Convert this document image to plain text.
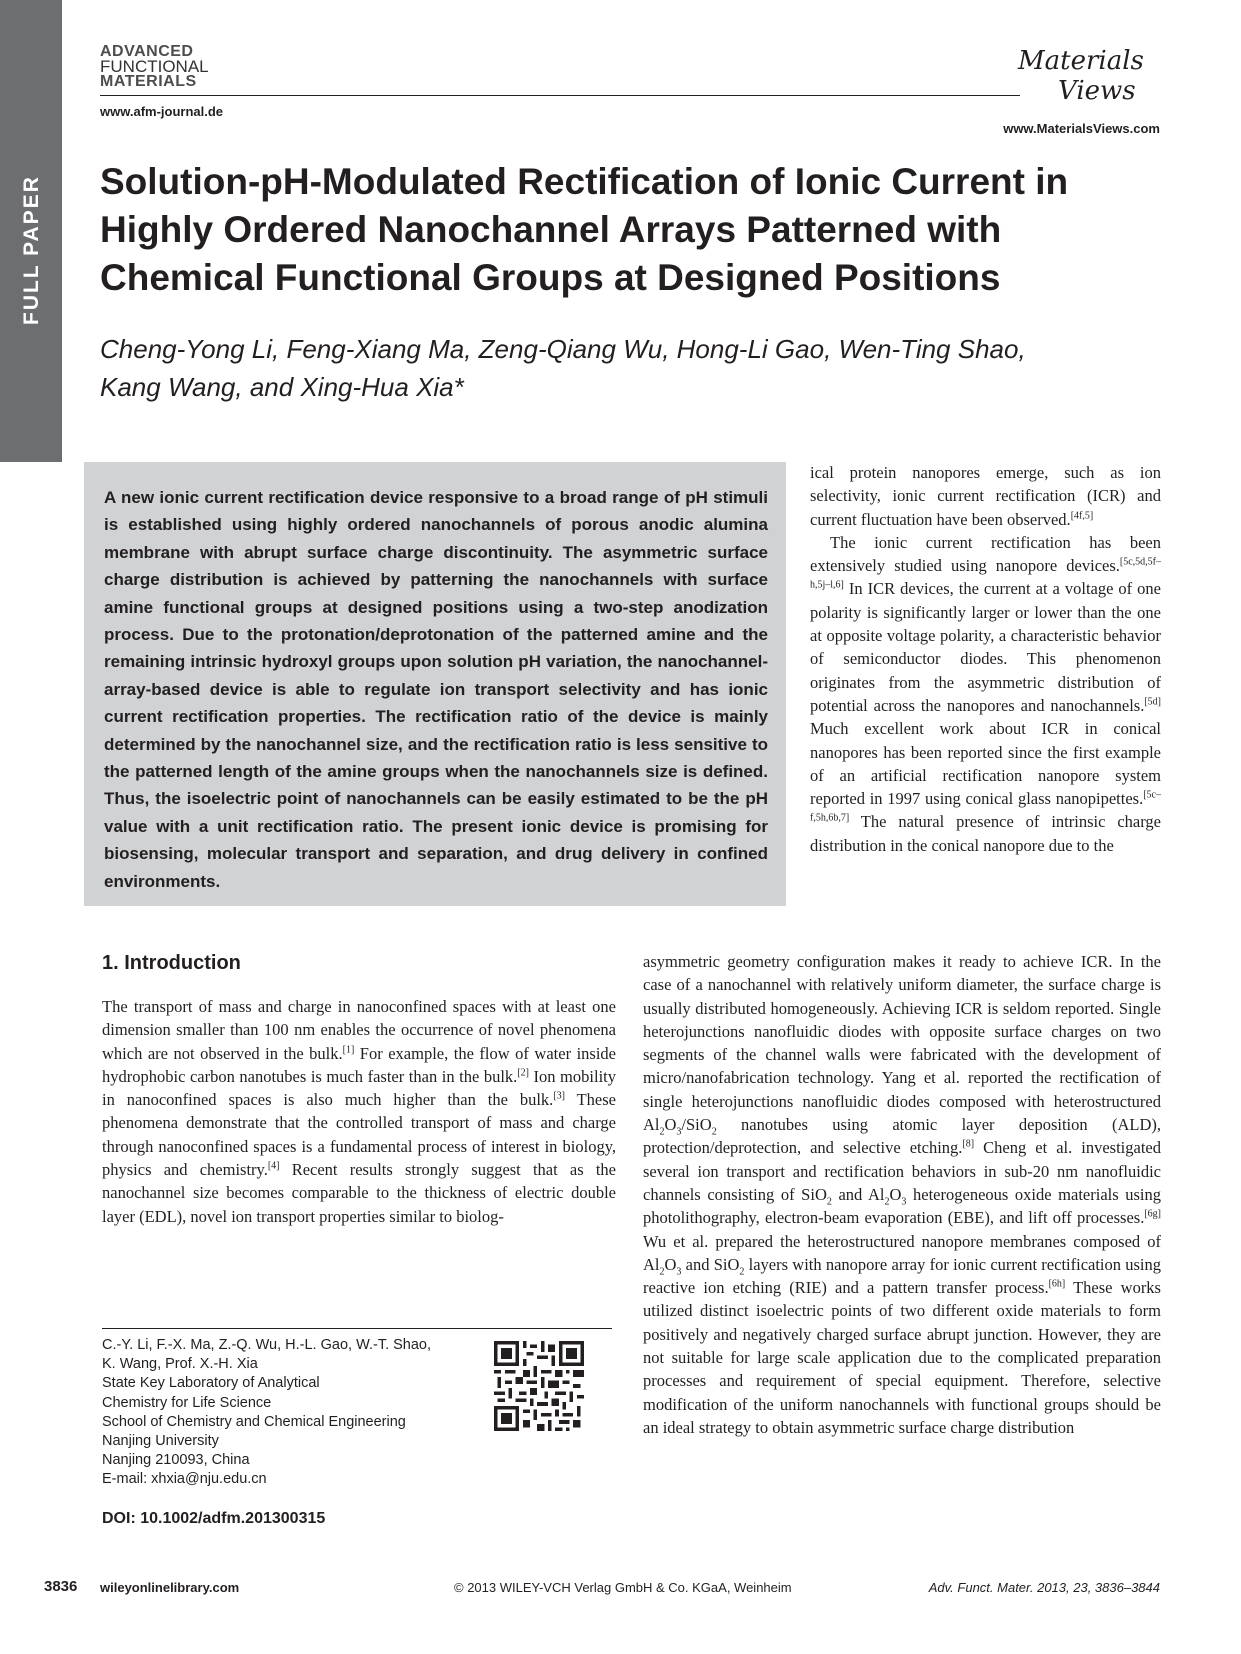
FULL PAPER
ADVANCED
FUNCTIONAL
MATERIALS
www.afm-journal.de
Materials
Views
www.MaterialsViews.com
Solution-pH-Modulated Rectification of Ionic Current in Highly Ordered Nanochannel Arrays Patterned with Chemical Functional Groups at Designed Positions
Cheng-Yong Li, Feng-Xiang Ma, Zeng-Qiang Wu, Hong-Li Gao, Wen-Ting Shao,
Kang Wang, and Xing-Hua Xia*
A new ionic current rectification device responsive to a broad range of pH stimuli is established using highly ordered nanochannels of porous anodic alumina membrane with abrupt surface charge discontinuity. The asymmetric surface charge distribution is achieved by patterning the nanochannels with surface amine functional groups at designed positions using a two-step anodization process. Due to the protonation/deprotonation of the patterned amine and the remaining intrinsic hydroxyl groups upon solution pH variation, the nanochannel-array-based device is able to regulate ion transport selectivity and has ionic current rectification properties. The rectification ratio of the device is mainly determined by the nanochannel size, and the rectification ratio is less sensitive to the patterned length of the amine groups when the nanochannels size is defined. Thus, the isoelectric point of nanochannels can be easily estimated to be the pH value with a unit rectification ratio. The present ionic device is promising for biosensing, molecular transport and separation, and drug delivery in confined environments.

ical protein nanopores emerge, such as ion selectivity, ionic current rectification (ICR) and current fluctuation have been observed.[4f,5]

The ionic current rectification has been extensively studied using nanopore devices.[5c,5d,5f–h,5j–l,6] In ICR devices, the current at a voltage of one polarity is significantly larger or lower than the one at opposite voltage polarity, a characteristic behavior of semiconductor diodes. This phenomenon originates from the asymmetric distribution of potential across the nanopores and nanochannels.[5d] Much excellent work about ICR in conical nanopores has been reported since the first example of an artificial rectification nanopore system reported in 1997 using conical glass nanopipettes.[5c–f,5h,6b,7] The natural presence of intrinsic charge distribution in the conical nanopore due to the

asymmetric geometry configuration makes it ready to achieve ICR. In the case of a nanochannel with relatively uniform diameter, the surface charge is usually distributed homogeneously. Achieving ICR is seldom reported. Single heterojunctions nanofluidic diodes with opposite surface charges on two segments of the channel walls were fabricated with the development of micro/nanofabrication technology. Yang et al. reported the rectification of single heterojunctions nanofluidic diodes composed with heterostructured $Al_2O_3/SiO_2$ nanotubes using atomic layer deposition (ALD), protection/deprotection, and selective etching.[8] Cheng et al. investigated several ion transport and rectification behaviors in sub-20 nm nanofluidic channels consisting of SiO$_2$ and $Al_2O_3$ heterogeneous oxide materials using photolithography, electron-beam evaporation (EBE), and lift off processes.[6g] Wu et al. prepared the heterostructured nanopore membranes composed of $Al_2O_3$ and SiO$_2$ layers with nanopore array for ionic current rectification using reactive ion etching (RIE) and a pattern transfer process.[6h] These works utilized distinct isoelectric points of two different oxide materials to form positively and negatively charged surface abrupt junction. However, they are not suitable for large scale application due to the complicated preparation processes and requirement of special equipment. Therefore, selective modification of the uniform nanochannels with functional groups should be an ideal strategy to obtain asymmetric surface charge distribution

1. Introduction

The transport of mass and charge in nanoconfined spaces with at least one dimension smaller than 100 nm enables the occurrence of novel phenomena which are not observed in the bulk.[1] For example, the flow of water inside hydrophobic carbon nanotubes is much faster than in the bulk.[2] Ion mobility in nanoconfined spaces is also much higher than the bulk.[3] These phenomena demonstrate that the controlled transport of mass and charge through nanoconfined spaces is a fundamental process of interest in biology, physics and chemistry.[4] Recent results strongly suggest that as the nanochannel size becomes comparable to the thickness of electric double layer (EDL), novel ion transport properties similar to biolog-

C.-Y. Li, F.-X. Ma, Z.-Q. Wu, H.-L. Gao, W.-T. Shao,
K. Wang, Prof. X.-H. Xia
State Key Laboratory of Analytical
Chemistry for Life Science
School of Chemistry and Chemical Engineering
Nanjing University
Nanjing 210093, China
E-mail: xhxia@nju.edu.cn
DOI: 10.1002/adfm.201300315
3836 wileyonlinelibrary.com	© 2013 WILEY-VCH Verlag GmbH & Co. KGaA, Weinheim	Adv. Funct. Mater. 2013, 23, 3836–3844
